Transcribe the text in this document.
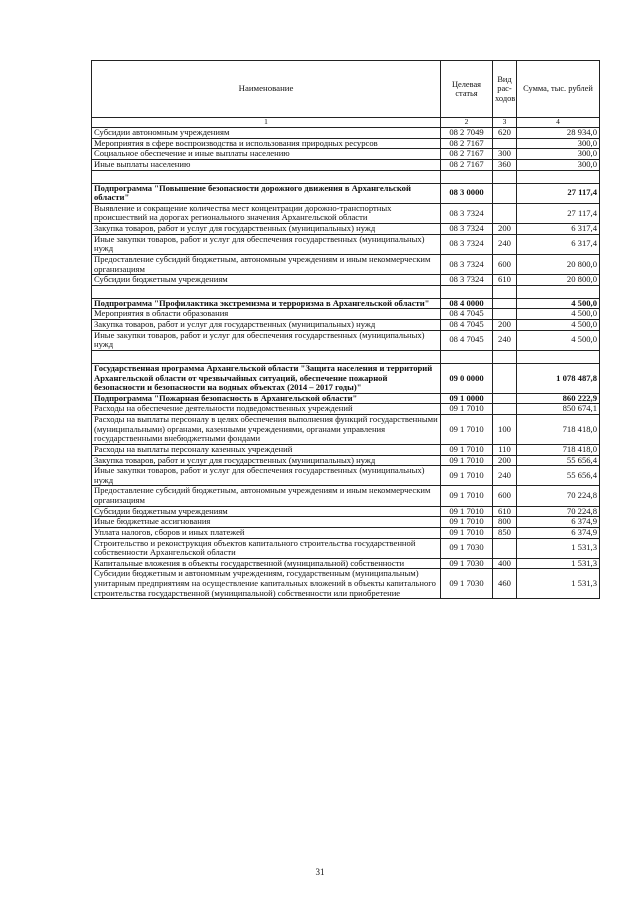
Наименование	Целевая статья	Вид рас-ходов	Сумма, тыс. рублей
1	2	3	4
Субсидии автономным учреждениям	08 2 7049	620	28 934,0
Мероприятия в сфере воспроизводства и использования природных ресурсов	08 2 7167		300,0
Социальное обеспечение и иные выплаты населению	08 2 7167	300	300,0
Иные выплаты населению	08 2 7167	360	300,0

Подпрограмма "Повышение безопасности дорожного движения в Архангельской области"	08 3 0000		27 117,4
Выявление и сокращение количества мест концентрации дорожно-транспортных происшествий на дорогах регионального значения Архангельской области	08 3 7324		27 117,4
Закупка товаров, работ и услуг для государственных (муниципальных) нужд	08 3 7324	200	6 317,4
Иные закупки товаров, работ и услуг для обеспечения государственных (муниципальных) нужд	08 3 7324	240	6 317,4
Предоставление субсидий бюджетным, автономным учреждениям и иным некоммерческим организациям	08 3 7324	600	20 800,0
Субсидии бюджетным учреждениям	08 3 7324	610	20 800,0

Подпрограмма "Профилактика экстремизма и терроризма в Архангельской области"	08 4 0000		4 500,0
Мероприятия в области образования	08 4 7045		4 500,0
Закупка товаров, работ и услуг для государственных (муниципальных) нужд	08 4 7045	200	4 500,0
Иные закупки товаров, работ и услуг для обеспечения государственных (муниципальных) нужд	08 4 7045	240	4 500,0

Государственная программа Архангельской области "Защита населения и территорий Архангельской области от чрезвычайных ситуаций, обеспечение пожарной безопасности и безопасности на водных объектах (2014 – 2017 годы)"	09 0 0000		1 078 487,8
Подпрограмма "Пожарная безопасность в Архангельской области"	09 1 0000		860 222,9
Расходы на обеспечение деятельности подведомственных учреждений	09 1 7010		850 674,1
Расходы на выплаты персоналу в целях обеспечения выполнения функций государственными (муниципальными) органами, казенными учреждениями, органами управления государственными внебюджетными фондами	09 1 7010	100	718 418,0
Расходы на выплаты персоналу казенных учреждений	09 1 7010	110	718 418,0
Закупка товаров, работ и услуг для государственных (муниципальных) нужд	09 1 7010	200	55 656,4
Иные закупки товаров, работ и услуг для обеспечения государственных (муниципальных) нужд	09 1 7010	240	55 656,4
Предоставление субсидий бюджетным, автономным учреждениям и иным некоммерческим организациям	09 1 7010	600	70 224,8
Субсидии бюджетным учреждениям	09 1 7010	610	70 224,8
Иные бюджетные ассигнования	09 1 7010	800	6 374,9
Уплата налогов, сборов и иных платежей	09 1 7010	850	6 374,9
Строительство и реконструкция объектов капитального строительства государственной собственности Архангельской области	09 1 7030		1 531,3
Капитальные вложения в объекты государственной (муниципальной) собственности	09 1 7030	400	1 531,3
Субсидии бюджетным и автономным учреждениям, государственным (муниципальным) унитарным предприятиям на осуществление капитальных вложений в объекты капитального строительства государственной (муниципальной) собственности или приобретение	09 1 7030	460	1 531,3
31
